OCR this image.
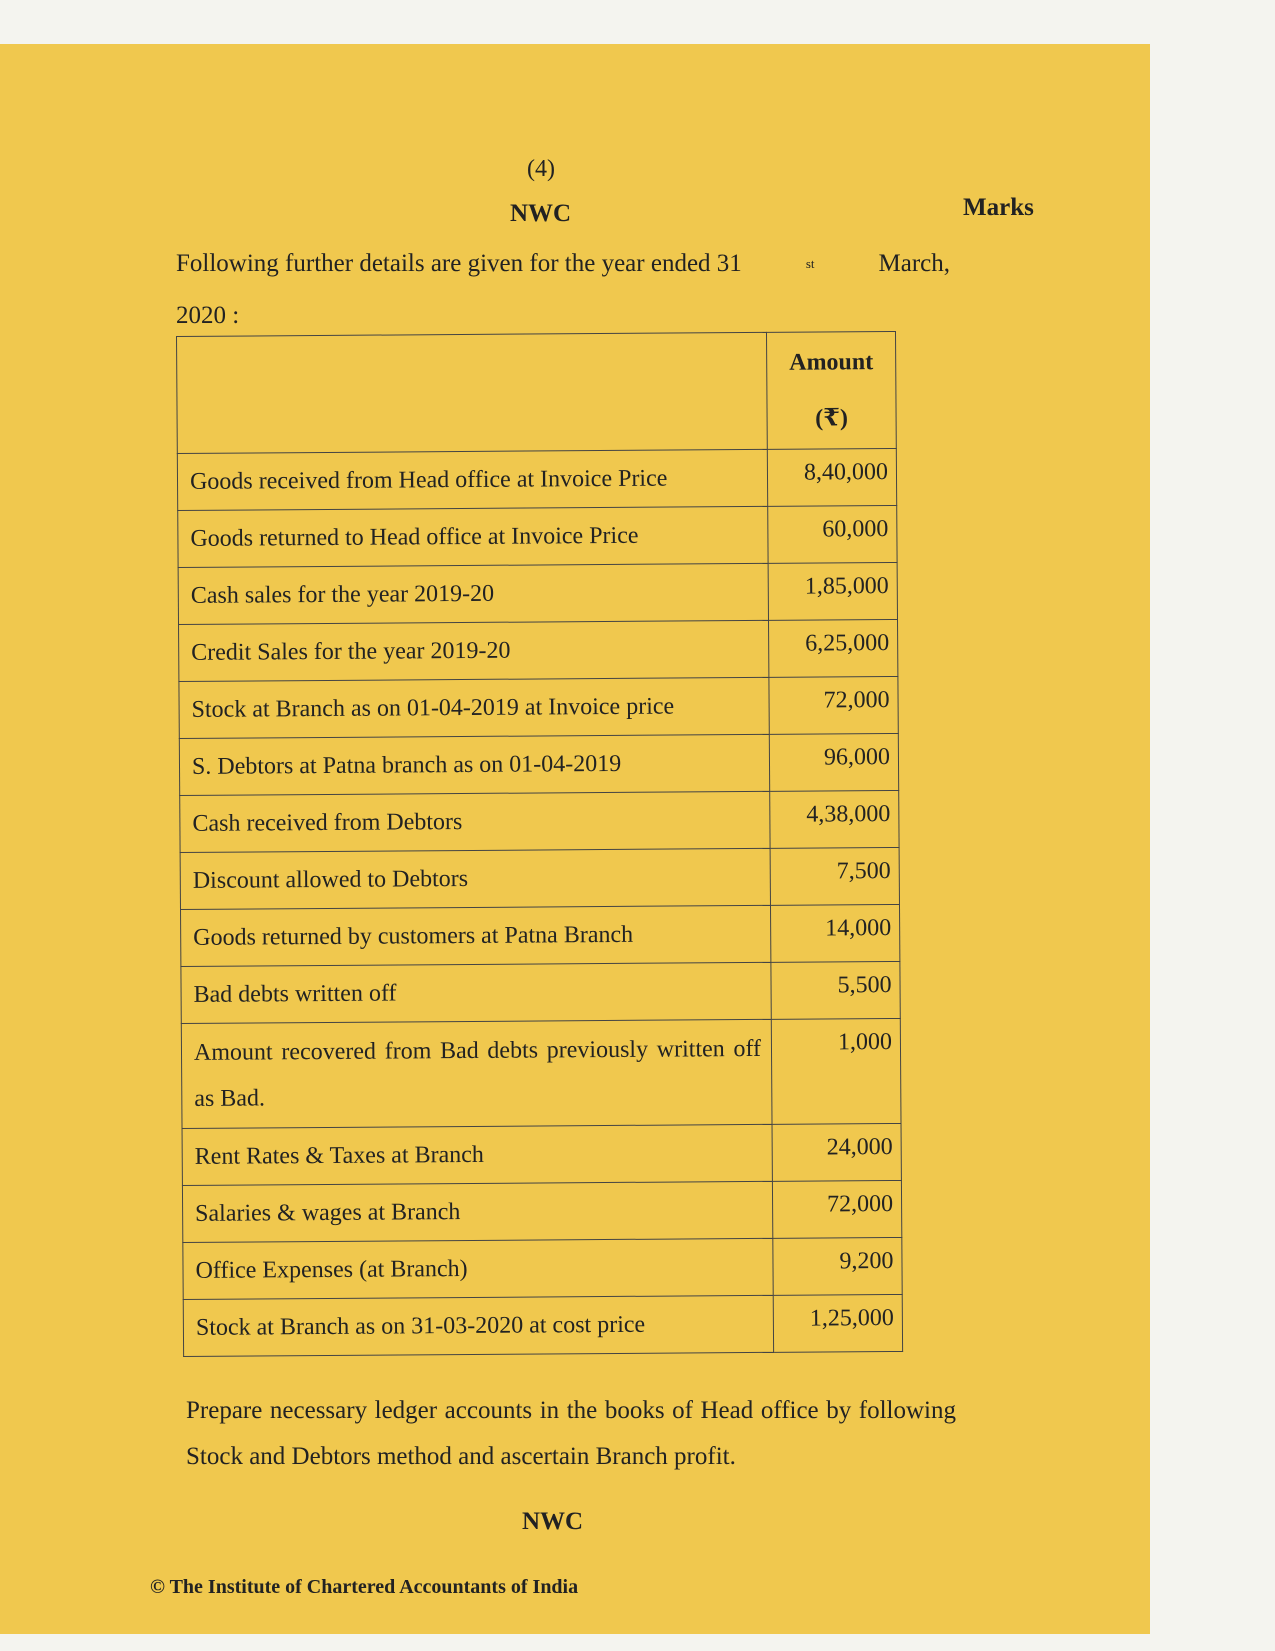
(4)
NWC	Marks
Following further details are given for the year ended 31	st	March,
2020 :

	Amount
(₹)

Goods received from Head office at Invoice Price	8,40,000
Goods returned to Head office at Invoice Price	60,000
Cash sales for the year 2019-20	1,85,000
Credit Sales for the year 2019-20	6,25,000
Stock at Branch as on 01-04-2019 at Invoice price	72,000
S. Debtors at Patna branch as on 01-04-2019	96,000
Cash received from Debtors	4,38,000
Discount allowed to Debtors	7,500
Goods returned by customers at Patna Branch	14,000
Bad debts written off	5,500
Amount recovered from Bad debts previously written off as Bad.	1,000
Rent Rates & Taxes at Branch	24,000
Salaries & wages at Branch	72,000
Office Expenses (at Branch)	9,200
Stock at Branch as on 31-03-2020 at cost price	1,25,000
Prepare necessary ledger accounts in the books of Head office by following Stock and Debtors method and ascertain Branch profit.
NWC
© The Institute of Chartered Accountants of India
